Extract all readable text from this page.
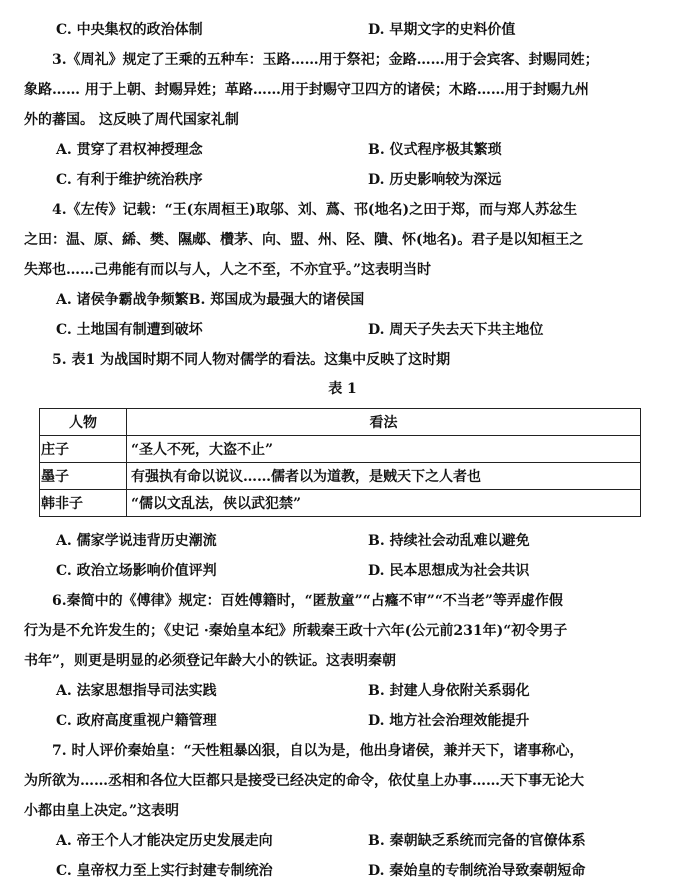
C. 中央集权的政治体制	D. 早期文字的史料价值
3.《周礼》规定了王乘的五种车：玉路……用于祭祀；金路……用于会宾客、封赐同姓；
象路…… 用于上朝、封赐异姓；革路……用于封赐守卫四方的诸侯；木路……用于封赐九州
外的蕃国。 这反映了周代国家礼制
A. 贯穿了君权神授理念	B. 仪式程序极其繁琐
C. 有利于维护统治秩序	D. 历史影响较为深远
4.《左传》记载：“王(东周桓王)取邬、刘、蔿、邗(地名)之田于郑，而与郑人苏忿生
之田：温、原、絺、樊、隰郕、欑茅、向、盟、州、陉、隤、怀(地名)。君子是以知桓王之
失郑也……己弗能有而以与人，人之不至，不亦宜乎。”这表明当时
A. 诸侯争霸战争频繁B. 郑国成为最强大的诸侯国
C. 土地国有制遭到破坏	D. 周天子失去天下共主地位
5. 表1 为战国时期不同人物对儒学的看法。这集中反映了这时期
表 1
人物	看法
庄子	“圣人不死，大盗不止”
墨子	有强执有命以说议……儒者以为道教，是贼天下之人者也
韩非子	“儒以文乱法，侠以武犯禁”
A. 儒家学说违背历史潮流	B. 持续社会动乱难以避免
C. 政治立场影响价值评判	D. 民本思想成为社会共识
6.秦简中的《傅律》规定：百姓傅籍时，“匿敖童”“占癃不审”“不当老”等弄虚作假
行为是不允许发生的；《史记 ·秦始皇本纪》所载秦王政十六年(公元前231年)“初令男子
书年”，则更是明显的必须登记年龄大小的铁证。这表明秦朝
A. 法家思想指导司法实践	B. 封建人身依附关系弱化
C. 政府高度重视户籍管理	D. 地方社会治理效能提升
7. 时人评价秦始皇：“天性粗暴凶狠，自以为是，他出身诸侯，兼并天下，诸事称心，
为所欲为……丞相和各位大臣都只是接受已经决定的命令，依仗皇上办事……天下事无论大
小都由皇上决定。”这表明
A. 帝王个人才能决定历史发展走向	B. 秦朝缺乏系统而完备的官僚体系
C. 皇帝权力至上实行封建专制统治	D. 秦始皇的专制统治导致秦朝短命
